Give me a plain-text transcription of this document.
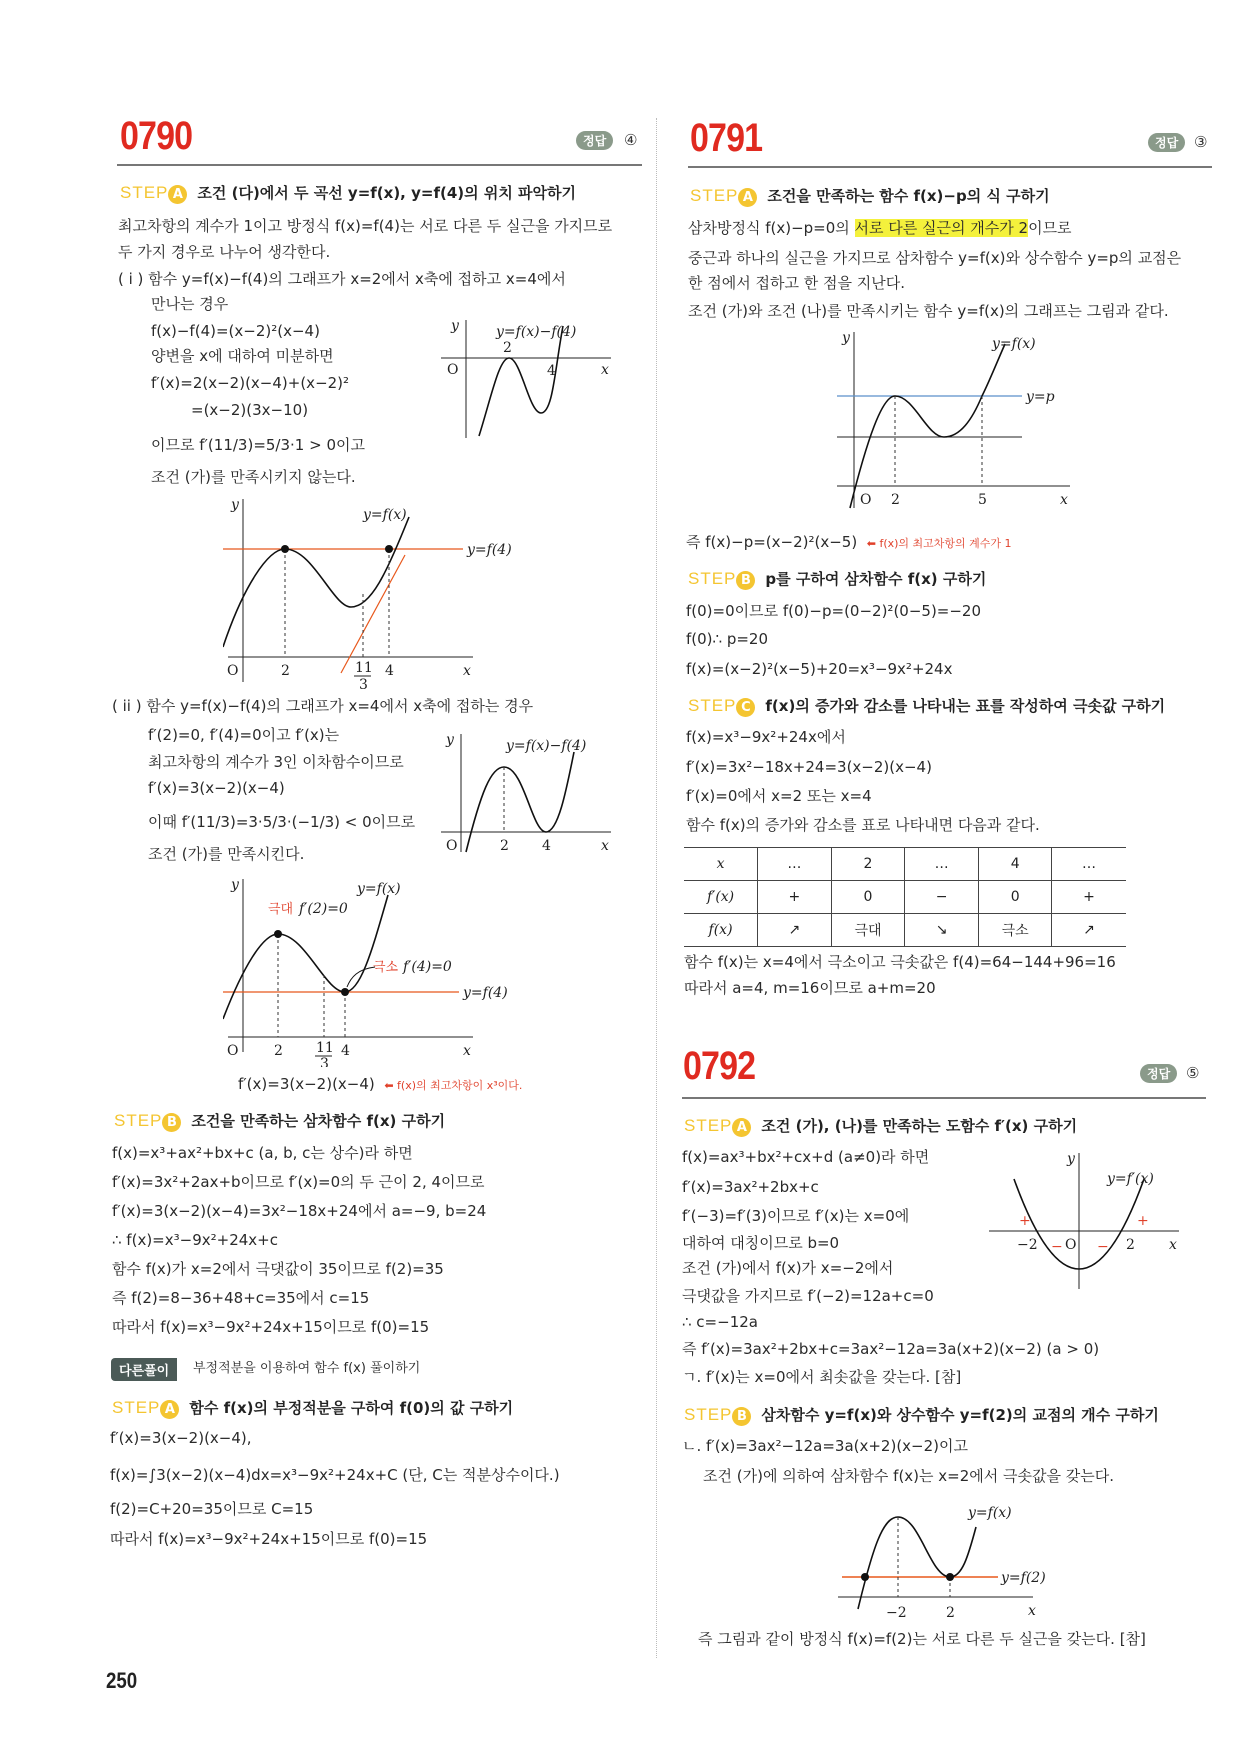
0790	정답	④
STEP A 조건 (다)에서 두 곡선 y=f(x), y=f(4)의 위치 파악하기
최고차항의 계수가 1이고 방정식 f(x)=f(4)는 서로 다른 두 실근을 가지므로
두 가지 경우로 나누어 생각한다.
( i ) 함수 y=f(x)−f(4)의 그래프가 x=2에서 x축에 접하고 x=4에서
만나는 경우
f(x)−f(4)=(x−2)²(x−4)
양변을 x에 대하여 미분하면
f′(x)=2(x−2)(x−4)+(x−2)²
=(x−2)(3x−10)
이므로 f′(11/3)=5/3·1 > 0이고
조건 (가)를 만족시키지 않는다.
y	y=f(x)−f(4)
2
O	4	x
y
y=f(x)
y=f(4)
O	2	11
3
4	x
( ii ) 함수 y=f(x)−f(4)의 그래프가 x=4에서 x축에 접하는 경우
f′(2)=0, f′(4)=0이고 f′(x)는
최고차항의 계수가 3인 이차함수이므로
f′(x)=3(x−2)(x−4)
이때 f′(11/3)=3·5/3·(−1/3) < 0이므로
조건 (가)를 만족시킨다.
y	y=f(x)−f(4)
O	2 4	x
y	y=f(x)
극대 f′(2)=0
극소 f′(4)=0
y=f(4)
O	2 11
3
4	x
f′(x)=3(x−2)(x−4) ⬅ f(x)의 최고차항이 x³이다.
STEP B 조건을 만족하는 삼차함수 f(x) 구하기
f(x)=x³+ax²+bx+c (a, b, c는 상수)라 하면
f′(x)=3x²+2ax+b이므로 f′(x)=0의 두 근이 2, 4이므로
f′(x)=3(x−2)(x−4)=3x²−18x+24에서 a=−9, b=24
∴ f(x)=x³−9x²+24x+c
함수 f(x)가 x=2에서 극댓값이 35이므로 f(2)=35
즉 f(2)=8−36+48+c=35에서 c=15
따라서 f(x)=x³−9x²+24x+15이므로 f(0)=15
다른풀이	부정적분을 이용하여 함수 f(x) 풀이하기
STEP A 함수 f(x)의 부정적분을 구하여 f(0)의 값 구하기
f′(x)=3(x−2)(x−4),
f(x)=∫3(x−2)(x−4)dx=x³−9x²+24x+C (단, C는 적분상수이다.)
f(2)=C+20=35이므로 C=15
따라서 f(x)=x³−9x²+24x+15이므로 f(0)=15
250
0791	정답	③
STEP A 조건을 만족하는 함수 f(x)−p의 식 구하기
삼차방정식 f(x)−p=0의 서로 다른 실근의 개수가 2이므로
중근과 하나의 실근을 가지므로 삼차함수 y=f(x)와 상수함수 y=p의 교점은
한 점에서 접하고 한 점을 지난다.
조건 (가)와 조건 (나)를 만족시키는 함수 y=f(x)의 그래프는 그림과 같다.
y	y=f(x)
y=p
O 2	5	x
즉 f(x)−p=(x−2)²(x−5) ⬅ f(x)의 최고차항의 계수가 1
STEP B p를 구하여 삼차함수 f(x) 구하기
f(0)=0이므로 f(0)−p=(0−2)²(0−5)=−20
f(0)∴ p=20
f(x)=(x−2)²(x−5)+20=x³−9x²+24x
STEP C f(x)의 증가와 감소를 나타내는 표를 작성하여 극솟값 구하기
f(x)=x³−9x²+24x에서
f′(x)=3x²−18x+24=3(x−2)(x−4)
f′(x)=0에서 x=2 또는 x=4
함수 f(x)의 증가와 감소를 표로 나타내면 다음과 같다.
x	…	2	…	4	…
f′(x)	+	0	−	0	+
f(x)	↗	극대	↘	극소	↗
함수 f(x)는 x=4에서 극소이고 극솟값은 f(4)=64−144+96=16
따라서 a=4, m=16이므로 a+m=20
0792	정답	⑤
STEP A 조건 (가), (나)를 만족하는 도함수 f′(x) 구하기
f(x)=ax³+bx²+cx+d (a≠0)라 하면
f′(x)=3ax²+2bx+c
f′(−3)=f′(3)이므로 f′(x)는 x=0에
대하여 대칭이므로 b=0
조건 (가)에서 f(x)가 x=−2에서
극댓값을 가지므로 f′(−2)=12a+c=0
∴ c=−12a
즉 f′(x)=3ax²+2bx+c=3ax²−12a=3a(x+2)(x−2) (a > 0)
ㄱ. f′(x)는 x=0에서 최솟값을 갖는다. [참]
y
y=f′(x)
+	+
− −
−2 O	2 x
STEP B 삼차함수 y=f(x)와 상수함수 y=f(2)의 교점의 개수 구하기
ㄴ. f′(x)=3ax²−12a=3a(x+2)(x−2)이고
조건 (가)에 의하여 삼차함수 f(x)는 x=2에서 극솟값을 갖는다.
y=f(x)
y=f(2)
−2	2	x
즉 그림과 같이 방정식 f(x)=f(2)는 서로 다른 두 실근을 갖는다. [참]
